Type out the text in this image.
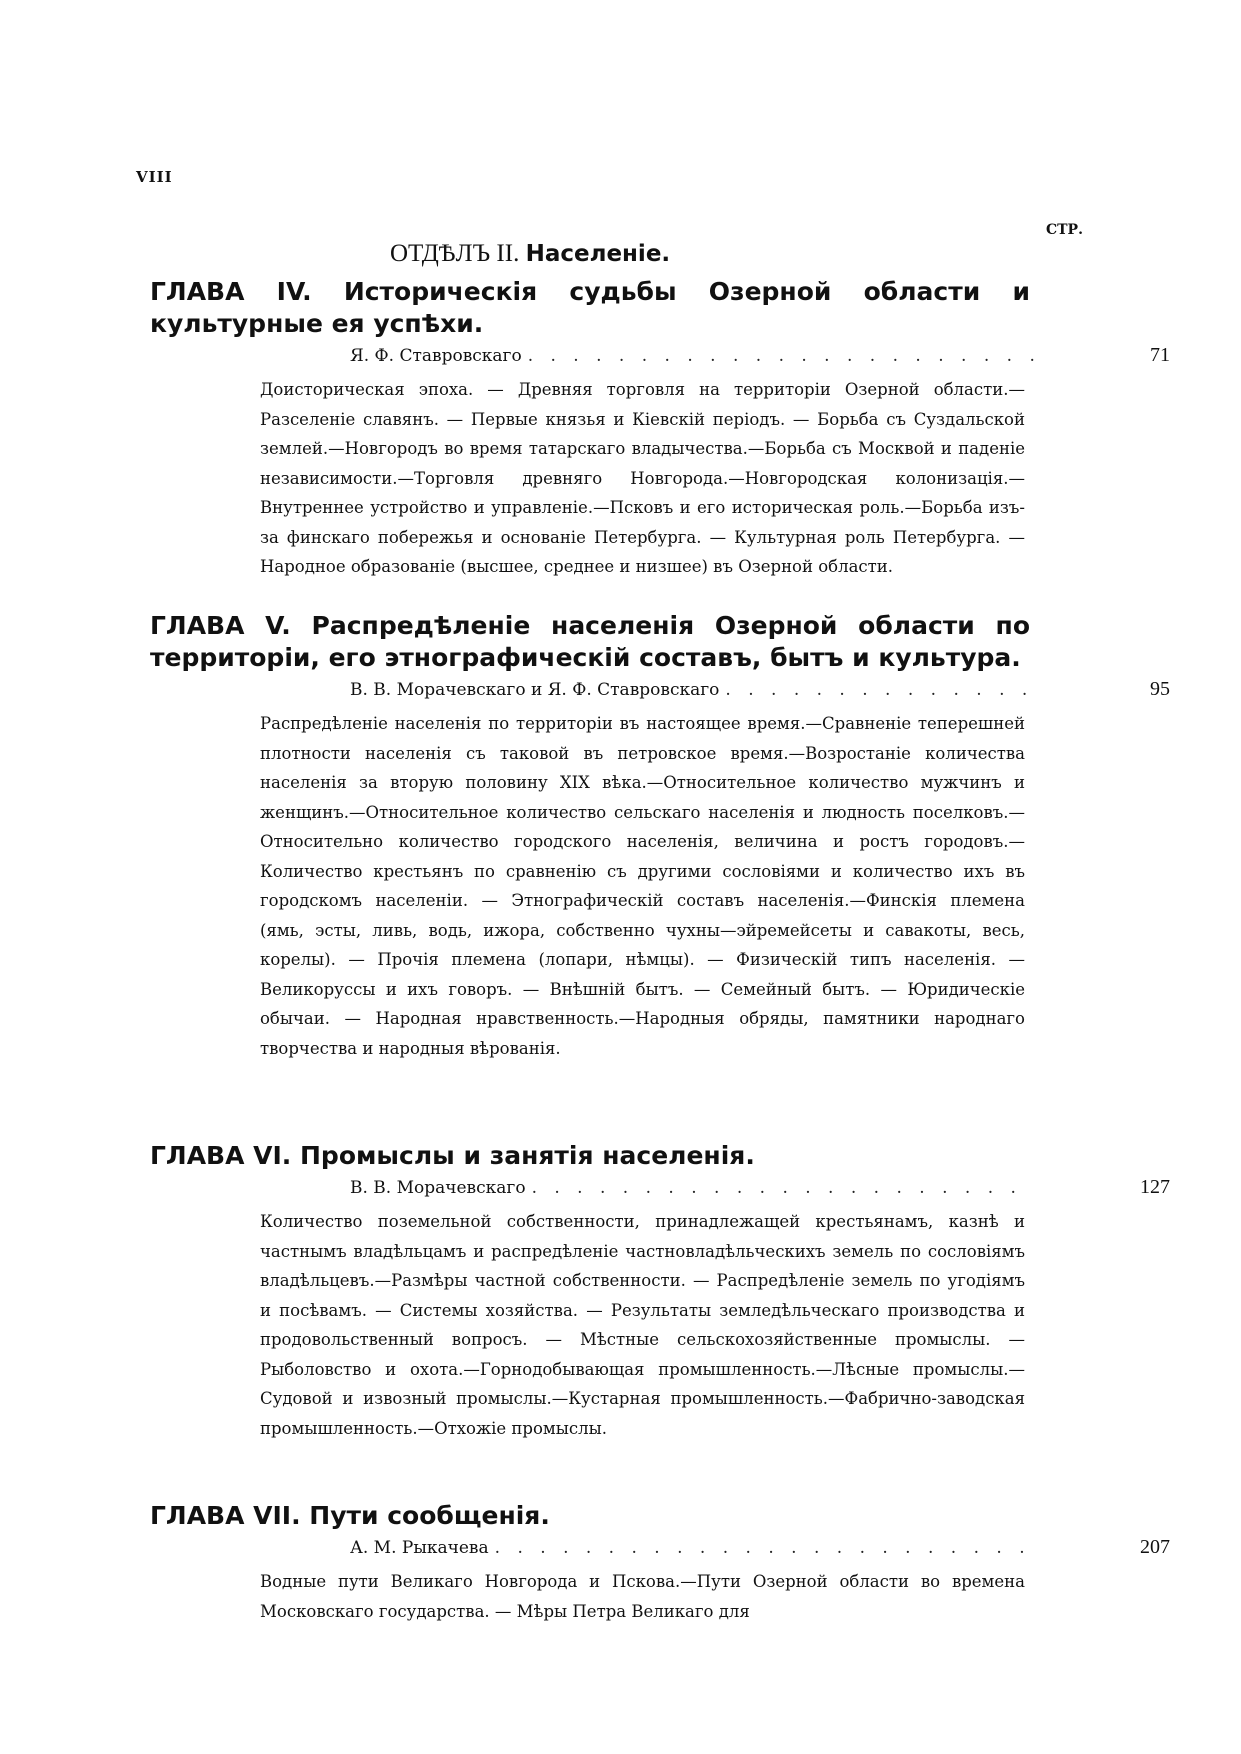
VIII
СТР.
ОТДѢЛЪ II. Населеніе.

ГЛАВА IV. Историческія судьбы Озерной области и культурные ея успѣхи.

Я. Ф. Ставровскаго . . .	71

Доисторическая эпоха. — Древняя торговля на территоріи Озерной области.—Разселеніе славянъ. — Первые князья и Кіевскій періодъ. — Борьба съ Суздальской землей.—Новгородъ во время татарскаго владычества.—Борьба съ Москвой и паденіе независимости.—Торговля древняго Новгорода.—Новгородская колонизація.—Внутреннее устройство и управленіе.—Псковъ и его историческая роль.—Борьба изъ-за финскаго побережья и основаніе Петербурга. — Культурная роль Петербурга. — Народное образованіе (высшее, среднее и низшее) въ Озерной области.

ГЛАВА V. Распредѣленіе населенія Озерной области по территоріи, его этнографическій составъ, бытъ и культура.

В. В. Морачевскаго и Я. Ф. Ставровскаго . . .	95

Распредѣленіе населенія по территоріи въ настоящее время.—Сравненіе теперешней плотности населенія съ таковой въ петровское время.—Возростаніе количества населенія за вторую половину XIX вѣка.—Относительное количество мужчинъ и женщинъ.—Относительное количество сельскаго населенія и людность поселковъ.—Относительно количество городского населенія, величина и ростъ городовъ.— Количество крестьянъ по сравненію съ другими сословіями и количество ихъ въ городскомъ населеніи. — Этнографическій составъ населенія.—Финскія племена (ямь, эсты, ливь, водь, ижора, собственно чухны—эйремейсеты и савакоты, весь, корелы). — Прочія племена (лопари, нѣмцы). — Физическій типъ населенія. — Великоруссы и ихъ говоръ. — Внѣшній бытъ. — Семейный бытъ. — Юридическіе обычаи. — Народная нравственность.—Народныя обряды, памятники народнаго творчества и народныя вѣрованія.

ГЛАВА VI. Промыслы и занятія населенія.

В. В. Морачевскаго . . .	127

Количество поземельной собственности, принадлежащей крестьянамъ, казнѣ и частнымъ владѣльцамъ и распредѣленіе частновладѣльческихъ земель по сословіямъ владѣльцевъ.—Размѣры частной собственности. — Распредѣленіе земель по угодіямъ и посѣвамъ. — Системы хозяйства. — Результаты земледѣльческаго производства и продовольственный вопросъ. — Мѣстные сельскохозяйственные промыслы. — Рыболовство и охота.—Горнодобывающая промышленность.—Лѣсные промыслы.— Судовой и извозный промыслы.—Кустарная промышленность.—Фабрично-заводская промышленность.—Отхожіе промыслы.

ГЛАВА VII. Пути сообщенія.

А. М. Рыкачева . . .	207

Водные пути Великаго Новгорода и Пскова.—Пути Озерной области во времена Московскаго государства. — Мѣры Петра Великаго для
